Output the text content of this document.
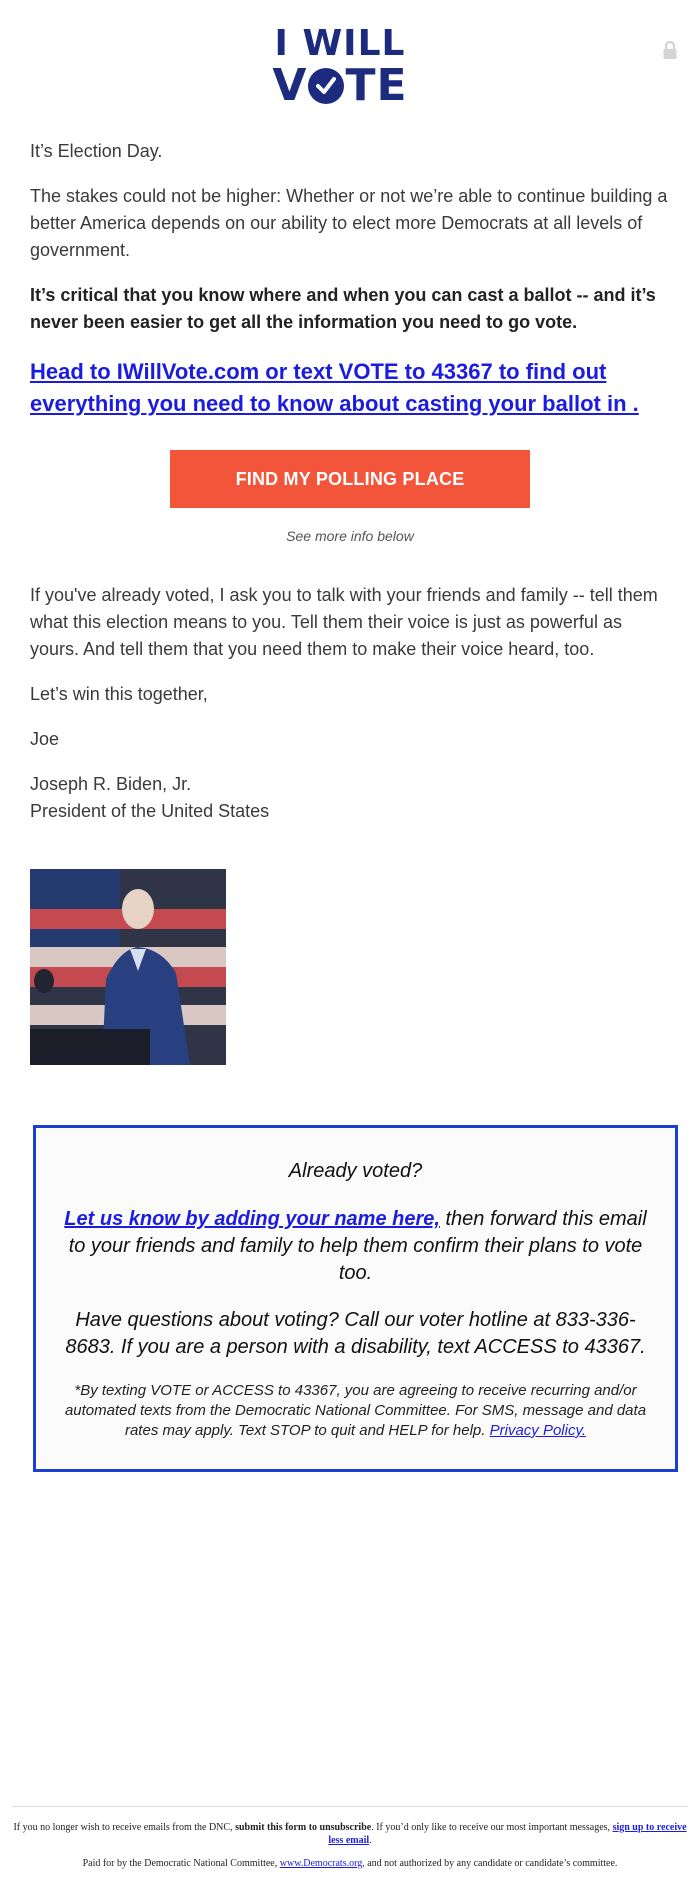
I WILL
V TE

It’s Election Day.

The stakes could not be higher: Whether or not we’re able to continue building a better America depends on our ability to elect more Democrats at all levels of government.

It’s critical that you know where and when you can cast a ballot -- and it’s never been easier to get all the information you need to go vote.

Head to IWillVote.com or text VOTE to 43367 to find out everything you need to know about casting your ballot in .
FIND MY POLLING PLACE
See more info below

If you've already voted, I ask you to talk with your friends and family -- tell them what this election means to you. Tell them their voice is just as powerful as yours. And tell them that you need them to make their voice heard, too.

Let’s win this together,

Joe

Joseph R. Biden, Jr.
President of the United States

Already voted?
Let us know by adding your name here, then forward this email to your friends and family to help them confirm their plans to vote too.
Have questions about voting? Call our voter hotline at 833-336-8683. If you are a person with a disability, text ACCESS to 43367.
*By texting VOTE or ACCESS to 43367, you are agreeing to receive recurring and/or automated texts from the Democratic National Committee. For SMS, message and data rates may apply. Text STOP to quit and HELP for help. Privacy Policy.
If you no longer wish to receive emails from the DNC, submit this form to unsubscribe. If you’d only like to receive our most important messages, sign up to receive less email.
Paid for by the Democratic National Committee, www.Democrats.org, and not authorized by any candidate or candidate’s committee.
